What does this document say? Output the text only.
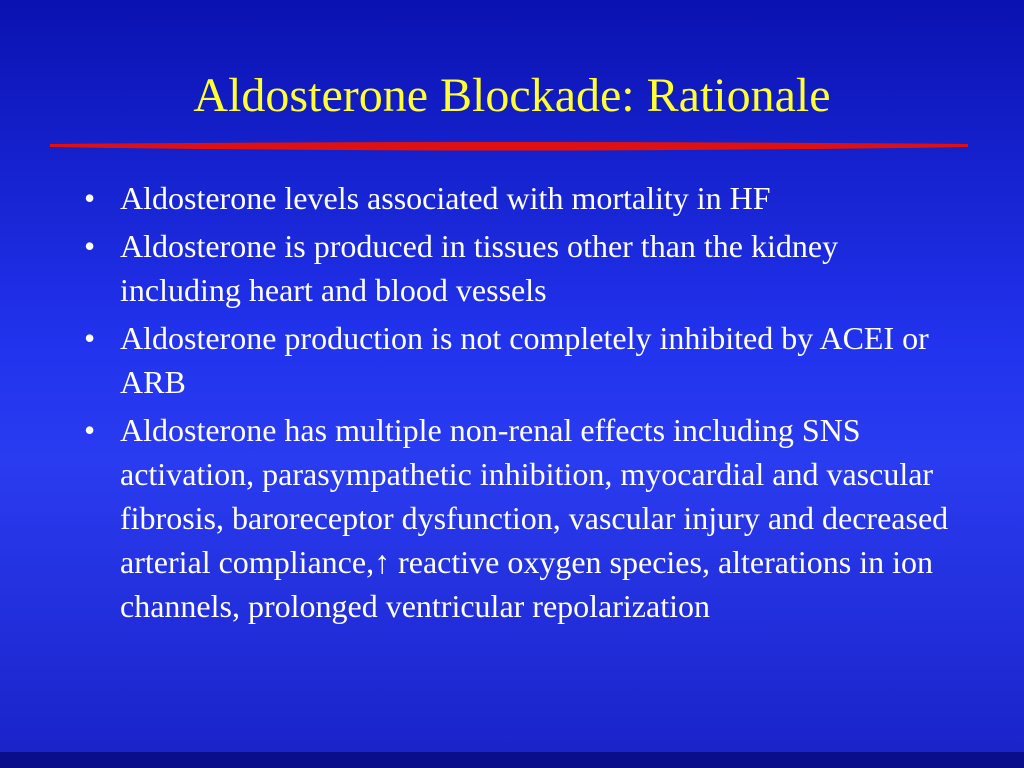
Aldosterone Blockade: Rationale
• Aldosterone levels associated with mortality in HF
• Aldosterone is produced in tissues other than the kidney including heart and blood vessels
• Aldosterone production is not completely inhibited by ACEI or ARB
• Aldosterone has multiple non-renal effects including SNS activation, parasympathetic inhibition, myocardial and vascular fibrosis, baroreceptor dysfunction, vascular injury and decreased arterial compliance,↑ reactive oxygen species, alterations in ion channels, prolonged ventricular repolarization
